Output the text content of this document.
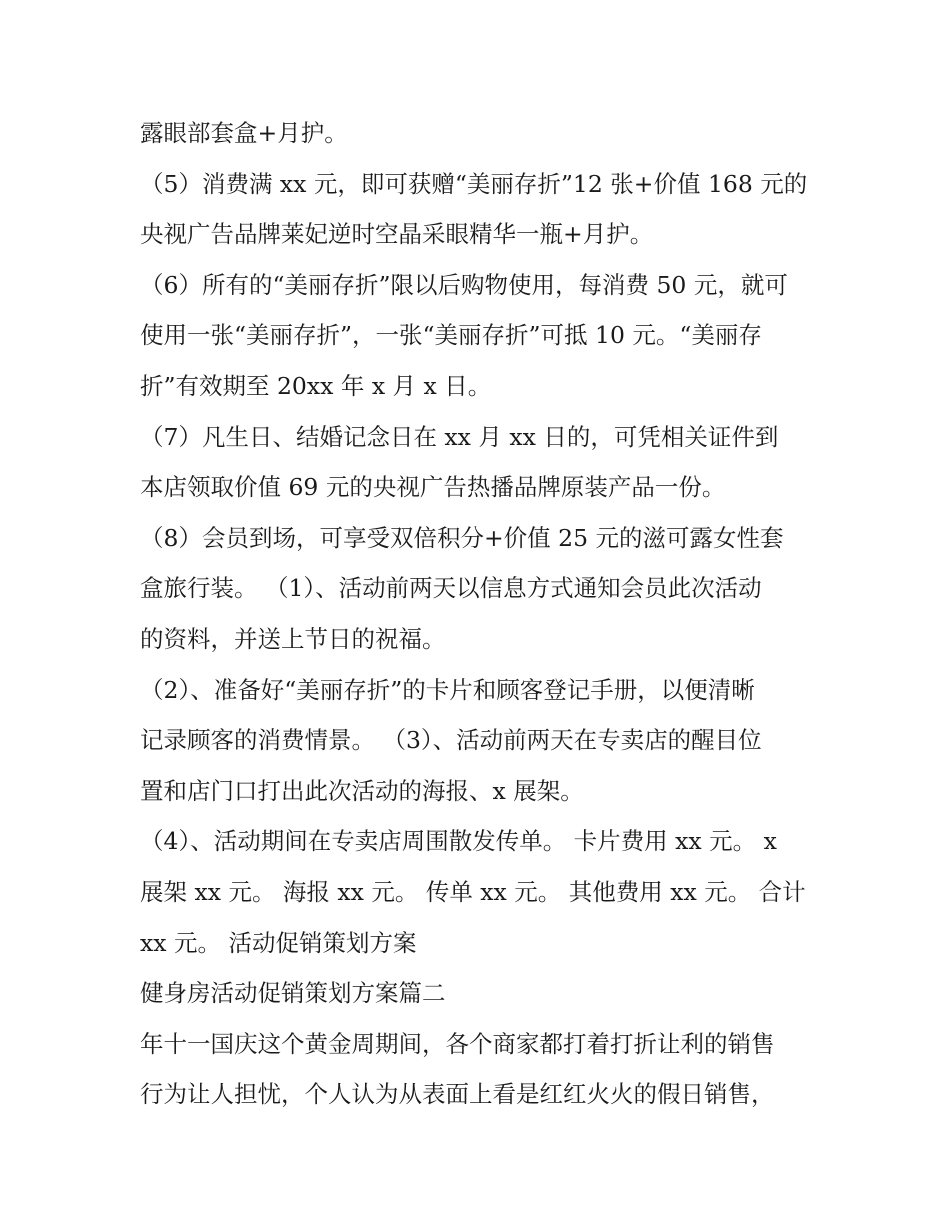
露眼部套盒+月护。
（5）消费满 xx 元，即可获赠“美丽存折”12 张+价值 168 元的
央视广告品牌莱妃逆时空晶采眼精华一瓶+月护。
（6）所有的“美丽存折”限以后购物使用，每消费 50 元，就可
使用一张“美丽存折”，一张“美丽存折”可抵 10 元。“美丽存
折”有效期至 20xx 年 x 月 x 日。
（7）凡生日、结婚记念日在 xx 月 xx 日的，可凭相关证件到
本店领取价值 69 元的央视广告热播品牌原装产品一份。
（8）会员到场，可享受双倍积分+价值 25 元的滋可露女性套
盒旅行装。 （1）、活动前两天以信息方式通知会员此次活动
的资料，并送上节日的祝福。
（2）、准备好“美丽存折”的卡片和顾客登记手册，以便清晰
记录顾客的消费情景。 （3）、活动前两天在专卖店的醒目位
置和店门口打出此次活动的海报、x 展架。
（4）、活动期间在专卖店周围散发传单。 卡片费用 xx 元。 x
展架 xx 元。 海报 xx 元。 传单 xx 元。 其他费用 xx 元。 合计
xx 元。 活动促销策划方案
健身房活动促销策划方案篇二
年十一国庆这个黄金周期间，各个商家都打着打折让利的销售
行为让人担忧，个人认为从表面上看是红红火火的假日销售，
